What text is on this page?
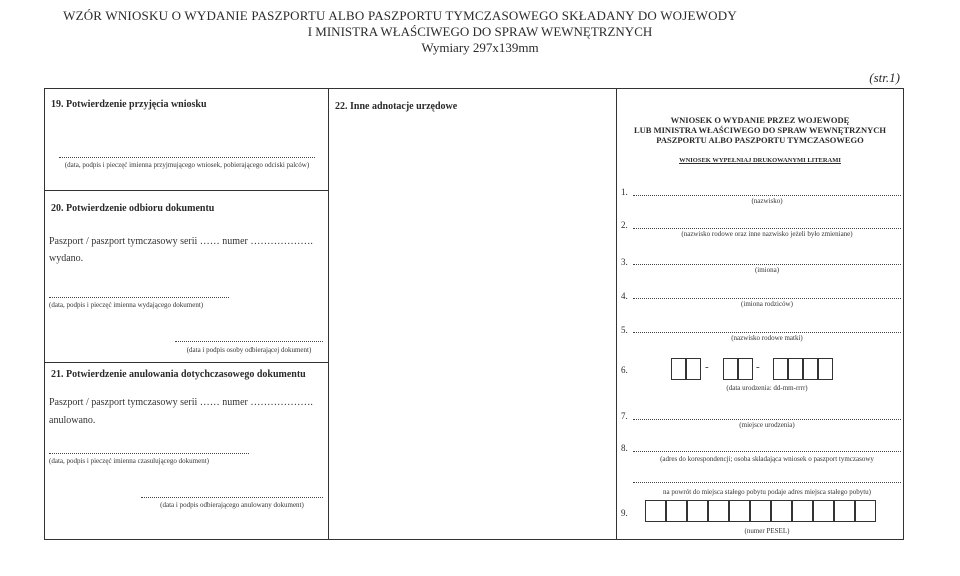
WZÓR WNIOSKU O WYDANIE PASZPORTU ALBO PASZPORTU TYMCZASOWEGO SKŁADANY DO WOJEWODY
I MINISTRA WŁAŚCIWEGO DO SPRAW WEWNĘTRZNYCH
Wymiary 297x139mm
(str.1)
19. Potwierdzenie przyjęcia wniosku
(data, podpis i pieczęć imienna przyjmującego wniosek, pobierającego odciski palców)
20. Potwierdzenie odbioru dokumentu
Paszport / paszport tymczasowy serii …… numer ……………….
wydano.
(data, podpis i pieczęć imienna wydającego dokument)
(data i podpis osoby odbierającej dokument)
21. Potwierdzenie anulowania dotychczasowego dokumentu
Paszport / paszport tymczasowy serii …… numer ……………….
anulowano.
(data, podpis i pieczęć imienna czasulującego dokument)
(data i podpis odbierającego anulowany dokument)
22. Inne adnotacje urzędowe
WNIOSEK O WYDANIE PRZEZ WOJEWODĘ
LUB MINISTRA WŁAŚCIWEGO DO SPRAW WEWNĘTRZNYCH
PASZPORTU ALBO PASZPORTU TYMCZASOWEGO
WNIOSEK WYPEŁNIAJ DRUKOWANYMI LITERAMI
1.
(nazwisko)
2.
(nazwisko rodowe oraz inne nazwisko jeżeli było zmieniane)
3.
(imiona)
4.
(imiona rodziców)
5.
(nazwisko rodowe matki)
6.	-	-
(data urodzenia: dd-mm-rrrr)
7.
(miejsce urodzenia)
8.
(adres do korespondencji; osoba składająca wniosek o paszport tymczasowy
na powrót do miejsca stałego pobytu podaje adres miejsca stałego pobytu)
9.
(numer PESEL)
